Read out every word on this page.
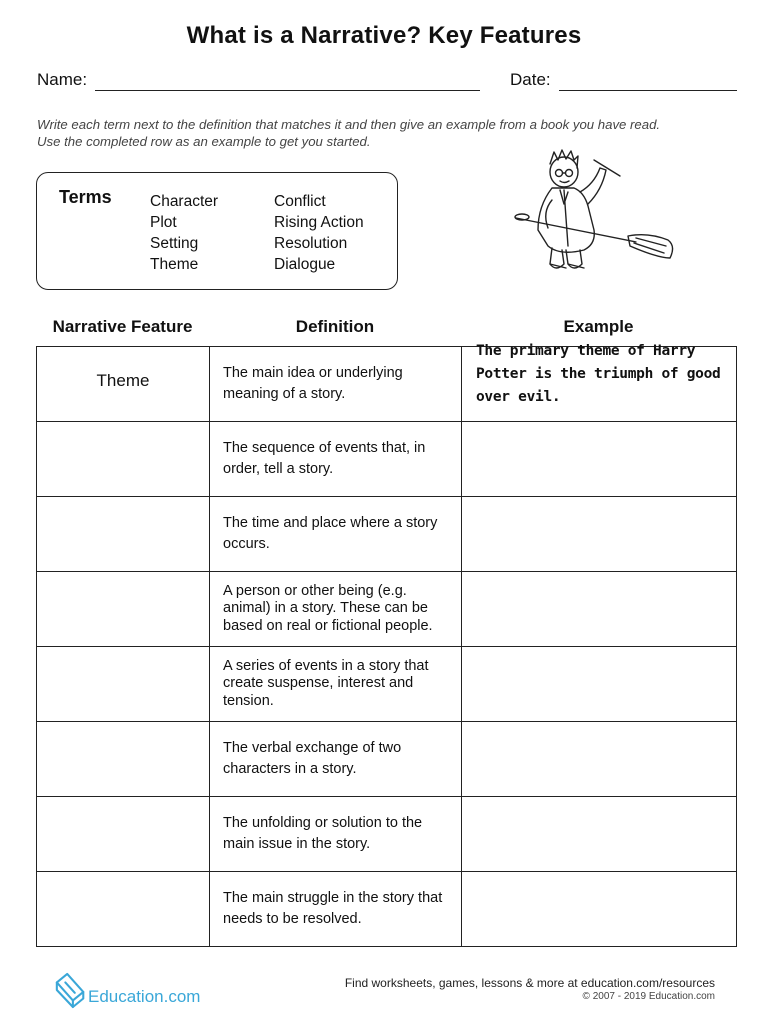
What is a Narrative? Key Features
Name:	Date:
Write each term next to the definition that matches it and then give an example from a book you have read.
Use the completed row as an example to get you started.
Terms Character
Plot
Setting
Theme
Conflict
Rising Action
Resolution
Dialogue
Narrative Feature	Definition	Example
Theme	The main idea or underlying meaning of a story.	The primary theme of Harry Potter is the triumph of good over evil.

	The sequence of events that, in order, tell a story.	

	The time and place where a story occurs.	

	A person or other being (e.g. animal) in a story. These can be based on real or fictional people.	

	A series of events in a story that create suspense, interest and tension.	

	The verbal exchange of two characters in a story.	

	The unfolding or solution to the main issue in the story.	

	The main struggle in the story that needs to be resolved.	
Education.com
Find worksheets, games, lessons & more at education.com/resources
© 2007 - 2019 Education.com
